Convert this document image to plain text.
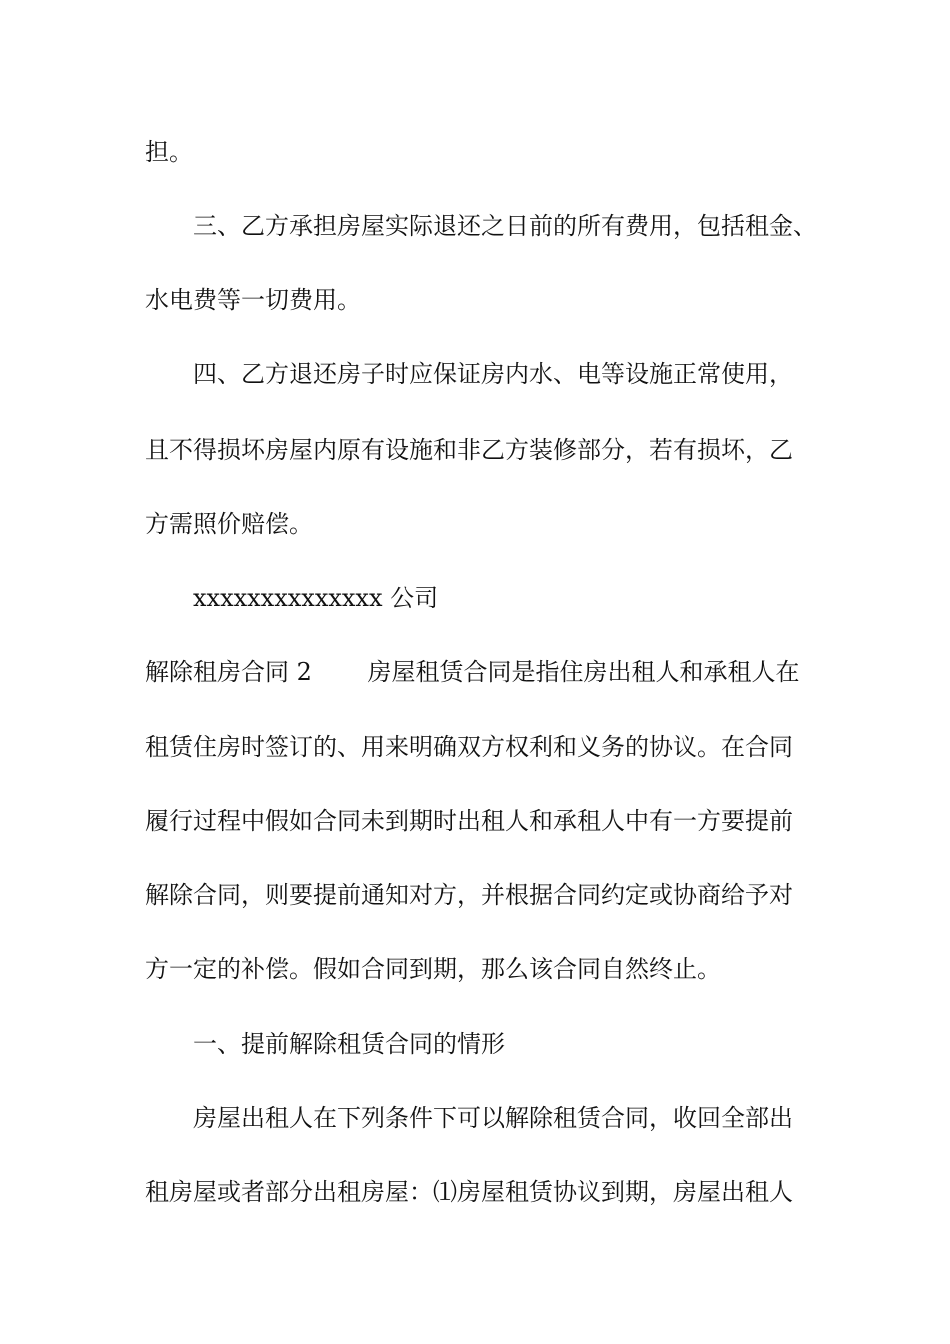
担。
三、乙方承担房屋实际退还之日前的所有费用，包括租金、
水电费等一切费用。
四、乙方退还房子时应保证房内水、电等设施正常使用，
且不得损坏房屋内原有设施和非乙方装修部分，若有损坏，乙
方需照价赔偿。
xxxxxxxxxxxxxx 公司
解除租房合同 2　　 房屋租赁合同是指住房出租人和承租人在
租赁住房时签订的、用来明确双方权利和义务的协议。在合同
履行过程中假如合同未到期时出租人和承租人中有一方要提前
解除合同，则要提前通知对方，并根据合同约定或协商给予对
方一定的补偿。假如合同到期，那么该合同自然终止。
一、提前解除租赁合同的情形
房屋出租人在下列条件下可以解除租赁合同，收回全部出
租房屋或者部分出租房屋：⑴房屋租赁协议到期，房屋出租人
